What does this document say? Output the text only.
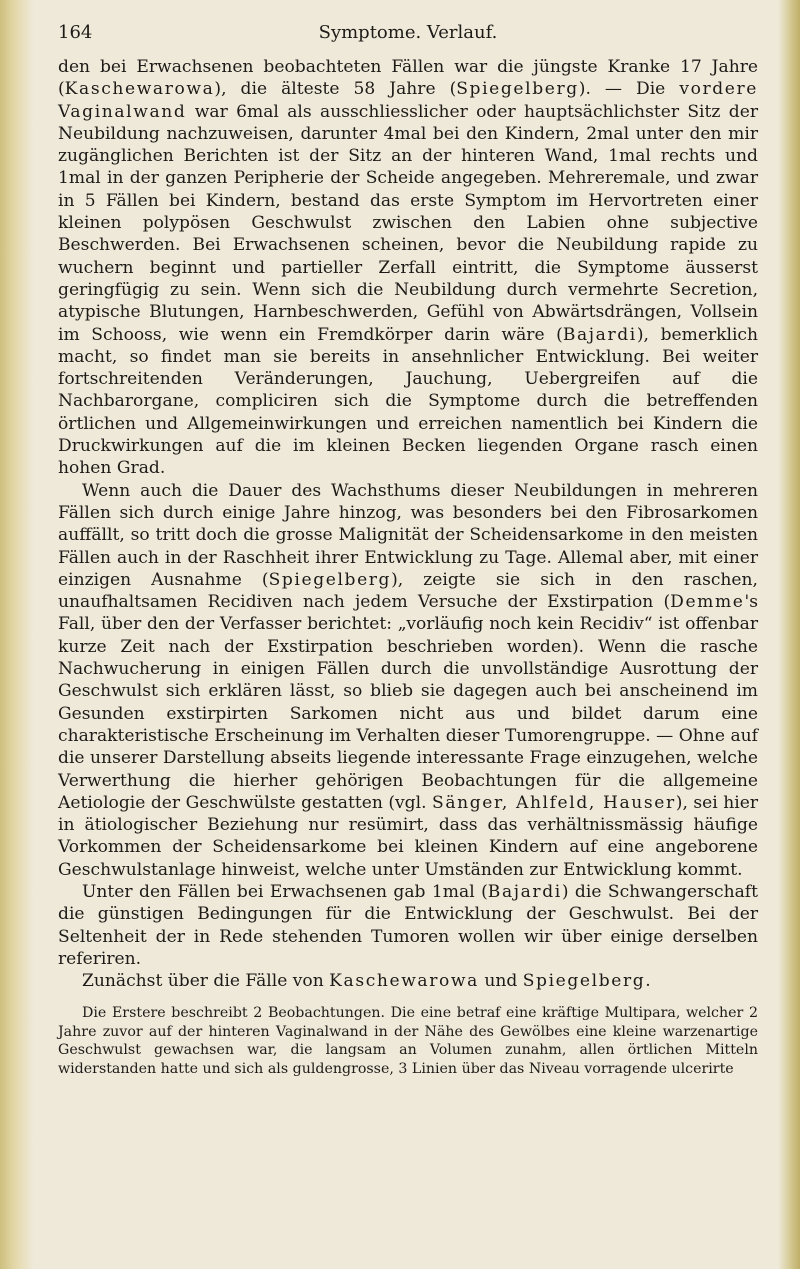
164	Symptome. Verlauf.

den bei Erwachsenen beobachteten Fällen war die jüngste Kranke 17 Jahre (Kaschewarowa), die älteste 58 Jahre (Spiegelberg). — Die vordere Vaginalwand war 6mal als ausschliesslicher oder hauptsächlichster Sitz der Neubildung nachzuweisen, darunter 4mal bei den Kindern, 2mal unter den mir zugänglichen Berichten ist der Sitz an der hinteren Wand, 1mal rechts und 1mal in der ganzen Peripherie der Scheide angegeben. Mehreremale, und zwar in 5 Fällen bei Kindern, bestand das erste Symptom im Hervortreten einer kleinen polypösen Geschwulst zwischen den Labien ohne subjective Beschwerden. Bei Erwachsenen scheinen, bevor die Neubildung rapide zu wuchern beginnt und partieller Zerfall eintritt, die Symptome äusserst geringfügig zu sein. Wenn sich die Neubildung durch vermehrte Secretion, atypische Blutungen, Harnbeschwerden, Gefühl von Abwärtsdrängen, Vollsein im Schooss, wie wenn ein Fremdkörper darin wäre (Bajardi), bemerklich macht, so findet man sie bereits in ansehnlicher Entwicklung. Bei weiter fortschreitenden Veränderungen, Jauchung, Uebergreifen auf die Nachbarorgane, compliciren sich die Symptome durch die betreffenden örtlichen und Allgemeinwirkungen und erreichen namentlich bei Kindern die Druckwirkungen auf die im kleinen Becken liegenden Organe rasch einen hohen Grad.

Wenn auch die Dauer des Wachsthums dieser Neubildungen in mehreren Fällen sich durch einige Jahre hinzog, was besonders bei den Fibrosarkomen auffällt, so tritt doch die grosse Malignität der Scheidensarkome in den meisten Fällen auch in der Raschheit ihrer Entwicklung zu Tage. Allemal aber, mit einer einzigen Ausnahme (Spiegelberg), zeigte sie sich in den raschen, unaufhaltsamen Recidiven nach jedem Versuche der Exstirpation (Demme's Fall, über den der Verfasser berichtet: „vorläufig noch kein Recidiv“ ist offenbar kurze Zeit nach der Exstirpation beschrieben worden). Wenn die rasche Nachwucherung in einigen Fällen durch die unvollständige Ausrottung der Geschwulst sich erklären lässt, so blieb sie dagegen auch bei anscheinend im Gesunden exstirpirten Sarkomen nicht aus und bildet darum eine charakteristische Erscheinung im Verhalten dieser Tumorengruppe. — Ohne auf die unserer Darstellung abseits liegende interessante Frage einzugehen, welche Verwerthung die hierher gehörigen Beobachtungen für die allgemeine Aetiologie der Geschwülste gestatten (vgl. Sänger, Ahlfeld, Hauser), sei hier in ätiologischer Beziehung nur resümirt, dass das verhältnissmässig häufige Vorkommen der Scheidensarkome bei kleinen Kindern auf eine angeborene Geschwulstanlage hinweist, welche unter Umständen zur Entwicklung kommt.

Unter den Fällen bei Erwachsenen gab 1mal (Bajardi) die Schwangerschaft die günstigen Bedingungen für die Entwicklung der Geschwulst. Bei der Seltenheit der in Rede stehenden Tumoren wollen wir über einige derselben referiren.

Zunächst über die Fälle von Kaschewarowa und Spiegelberg.

Die Erstere beschreibt 2 Beobachtungen. Die eine betraf eine kräftige Multipara, welcher 2 Jahre zuvor auf der hinteren Vaginalwand in der Nähe des Gewölbes eine kleine warzenartige Geschwulst gewachsen war, die langsam an Volumen zunahm, allen örtlichen Mitteln widerstanden hatte und sich als guldengrosse, 3 Linien über das Niveau vorragende ulcerirte
